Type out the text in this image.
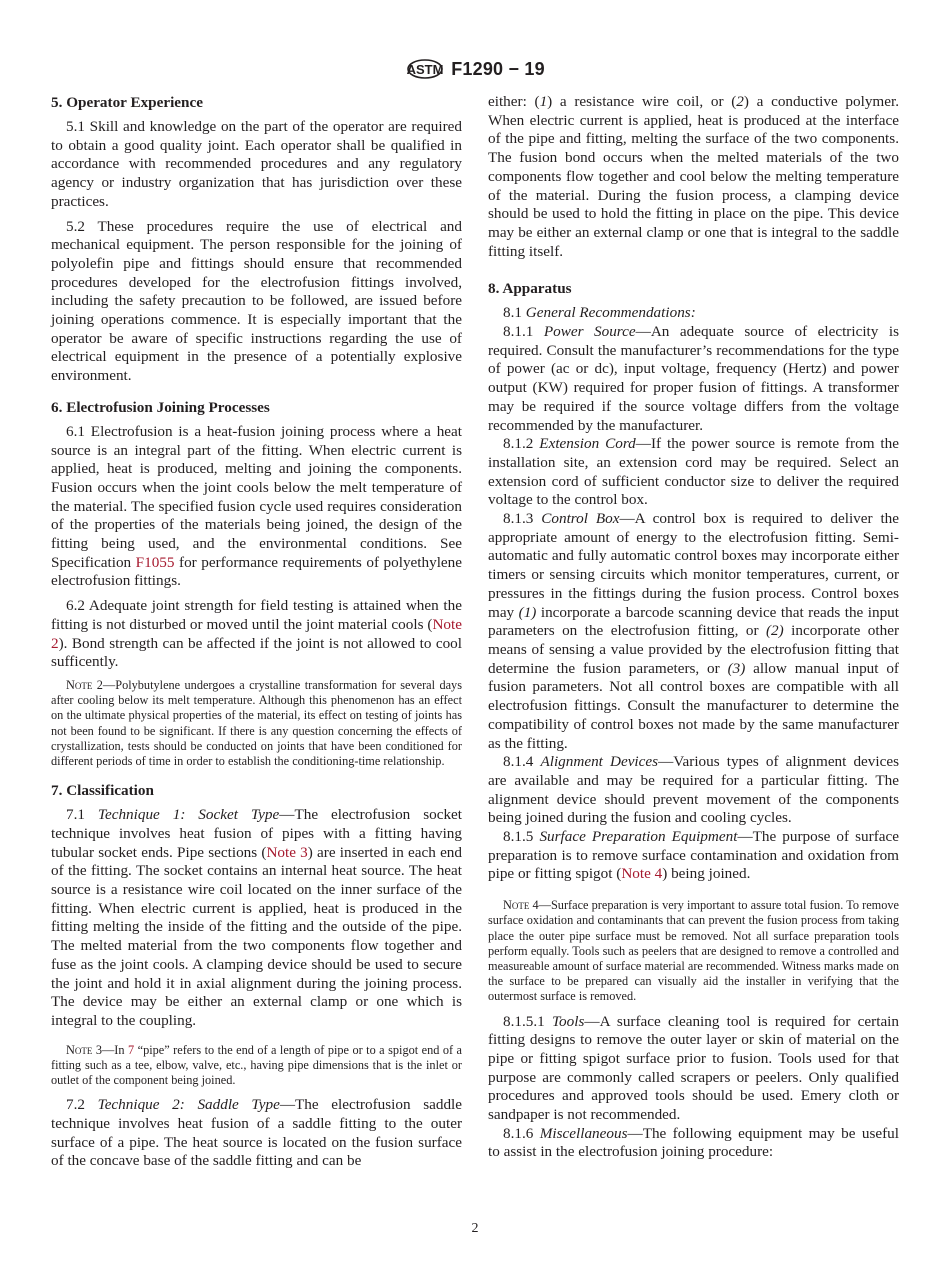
ASTM F1290 − 19
5. Operator Experience

5.1 Skill and knowledge on the part of the operator are required to obtain a good quality joint. Each operator shall be qualified in accordance with recommended procedures and any regulatory agency or industry organization that has jurisdiction over these practices.

5.2 These procedures require the use of electrical and mechanical equipment. The person responsible for the joining of polyolefin pipe and fittings should ensure that recommended procedures developed for the electrofusion fittings involved, including the safety precaution to be followed, are issued before joining operations commence. It is especially important that the operator be aware of specific instructions regarding the use of electrical equipment in the presence of a potentially explosive environment.

6. Electrofusion Joining Processes

6.1 Electrofusion is a heat-fusion joining process where a heat source is an integral part of the fitting. When electric current is applied, heat is produced, melting and joining the components. Fusion occurs when the joint cools below the melt temperature of the material. The specified fusion cycle used requires consideration of the properties of the materials being joined, the design of the fitting being used, and the environmental conditions. See Specification F1055 for performance requirements of polyethylene electrofusion fittings.

6.2 Adequate joint strength for field testing is attained when the fitting is not disturbed or moved until the joint material cools (Note 2). Bond strength can be affected if the joint is not allowed to cool sufficently.

Note 2—Polybutylene undergoes a crystalline transformation for several days after cooling below its melt temperature. Although this phenomenon has an effect on the ultimate physical properties of the material, its effect on testing of joints has not been found to be significant. If there is any question concerning the effects of crystallization, tests should be conducted on joints that have been conditioned for different periods of time in order to establish the conditioning-time relationship.
7. Classification

7.1 Technique 1: Socket Type—The electrofusion socket technique involves heat fusion of pipes with a fitting having tubular socket ends. Pipe sections (Note 3) are inserted in each end of the fitting. The socket contains an internal heat source. The heat source is a resistance wire coil located on the inner surface of the fitting. When electric current is applied, heat is produced in the fitting melting the inside of the fitting and the outside of the pipe. The melted material from the two components flow together and fuse as the joint cools. A clamping device should be used to secure the joint and hold it in axial alignment during the joining process. The device may be either an external clamp or one which is integral to the coupling.

Note 3—In 7 “pipe” refers to the end of a length of pipe or to a spigot end of a fitting such as a tee, elbow, valve, etc., having pipe dimensions that is the inlet or outlet of the component being joined.

7.2 Technique 2: Saddle Type—The electrofusion saddle technique involves heat fusion of a saddle fitting to the outer surface of a pipe. The heat source is located on the fusion surface of the concave base of the saddle fitting and can be

either: (1) a resistance wire coil, or (2) a conductive polymer. When electric current is applied, heat is produced at the interface of the pipe and fitting, melting the surface of the two components. The fusion bond occurs when the melted materials of the two components flow together and cool below the melting temperature of the material. During the fusion process, a clamping device should be used to hold the fitting in place on the pipe. This device may be either an external clamp or one that is integral to the saddle fitting itself.

8. Apparatus

8.1 General Recommendations:

8.1.1 Power Source—An adequate source of electricity is required. Consult the manufacturer’s recommendations for the type of power (ac or dc), input voltage, frequency (Hertz) and power output (KW) required for proper fusion of fittings. A transformer may be required if the source voltage differs from the voltage recommended by the manufacturer.

8.1.2 Extension Cord—If the power source is remote from the installation site, an extension cord may be required. Select an extension cord of sufficient conductor size to deliver the required voltage to the control box.

8.1.3 Control Box—A control box is required to deliver the appropriate amount of energy to the electrofusion fitting. Semi-automatic and fully automatic control boxes may incorporate either timers or sensing circuits which monitor temperatures, current, or pressures in the fittings during the fusion process. Control boxes may (1) incorporate a barcode scanning device that reads the input parameters on the electrofusion fitting, or (2) incorporate other means of sensing a value provided by the electrofusion fitting that determine the fusion parameters, or (3) allow manual input of fusion parameters. Not all control boxes are compatible with all electrofusion fittings. Consult the manufacturer to determine the compatibility of control boxes not made by the same manufacturer as the fitting.

8.1.4 Alignment Devices—Various types of alignment devices are available and may be required for a particular fitting. The alignment device should prevent movement of the components being joined during the fusion and cooling cycles.

8.1.5 Surface Preparation Equipment—The purpose of surface preparation is to remove surface contamination and oxidation from pipe or fitting spigot (Note 4) being joined.

Note 4—Surface preparation is very important to assure total fusion. To remove surface oxidation and contaminants that can prevent the fusion process from taking place the outer pipe surface must be removed. Not all surface preparation tools perform equally. Tools such as peelers that are designed to remove a controlled and measureable amount of surface material are recommended. Witness marks made on the surface to be prepared can visually aid the installer in verifying that the outermost surface is removed.

8.1.5.1 Tools—A surface cleaning tool is required for certain fitting designs to remove the outer layer or skin of material on the pipe or fitting spigot surface prior to fusion. Tools used for that purpose are commonly called scrapers or peelers. Only qualified procedures and approved tools should be used. Emery cloth or sandpaper is not recommended.

8.1.6 Miscellaneous—The following equipment may be useful to assist in the electrofusion joining procedure:

2
